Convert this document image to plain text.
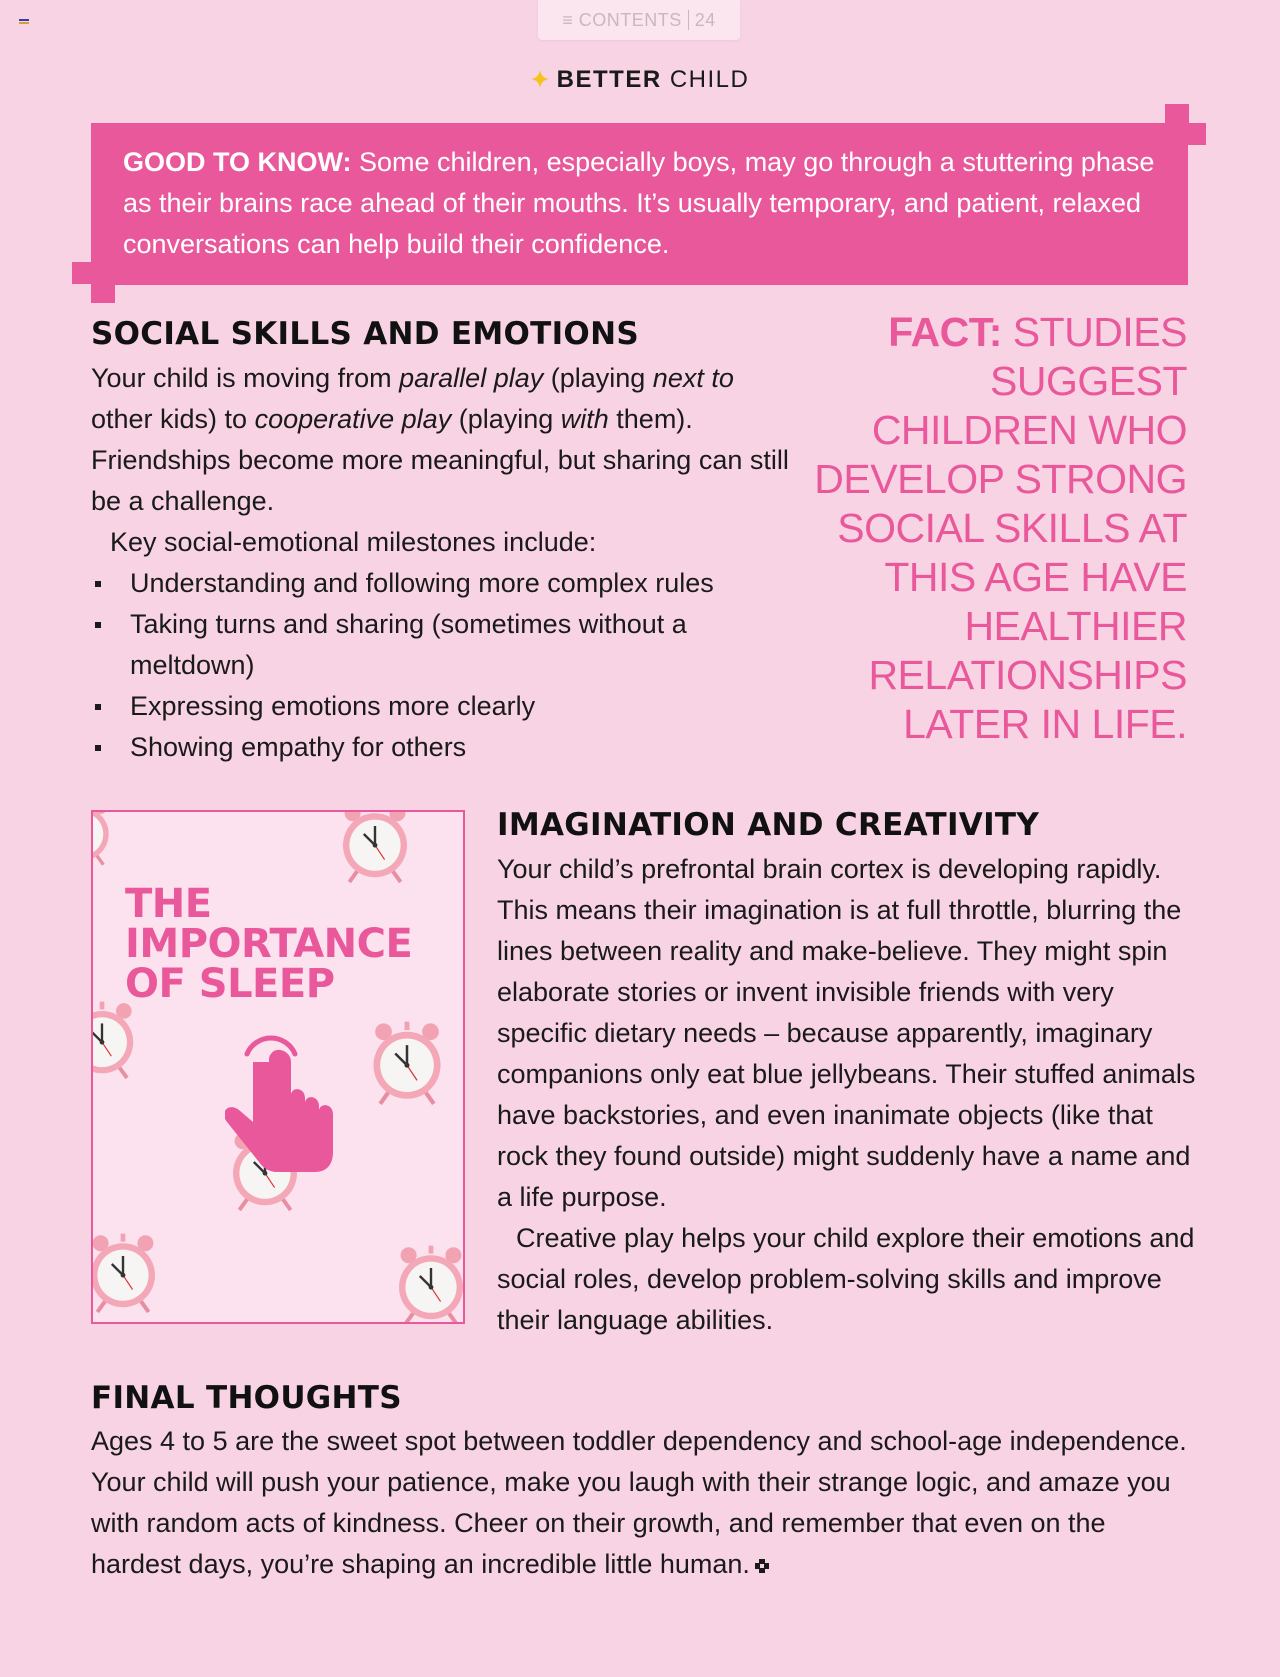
≡ CONTENTS 24
BETTER CHILD
GOOD TO KNOW: Some children, especially boys, may go through a stuttering phase as their brains race ahead of their mouths. It’s usually temporary, and patient, relaxed conversations can help build their confidence.
SOCIAL SKILLS AND EMOTIONS

Your child is moving from parallel play (playing next to other kids) to cooperative play (playing with them). Friendships become more meaningful, but sharing can still be a challenge.

Key social-emotional milestones include:

Understanding and following more complex rules
Taking turns and sharing (sometimes without a meltdown)
Expressing emotions more clearly
Showing empathy for others
FACT: STUDIES SUGGEST CHILDREN WHO DEVELOP STRONG SOCIAL SKILLS AT THIS AGE HAVE HEALTHIER RELATIONSHIPS LATER IN LIFE.
THE
IMPORTANCE
OF SLEEP
IMAGINATION AND CREATIVITY

Your child’s prefrontal brain cortex is developing rapidly. This means their imagination is at full throttle, blurring the lines between reality and make-believe. They might spin elaborate stories or invent invisible friends with very specific dietary needs – because apparently, imaginary companions only eat blue jellybeans. Their stuffed animals have backstories, and even inanimate objects (like that rock they found outside) might suddenly have a name and a life purpose.

Creative play helps your child explore their emotions and social roles, develop problem-solving skills and improve their language abilities.

FINAL THOUGHTS

Ages 4 to 5 are the sweet spot between toddler dependency and school-age independence. Your child will push your patience, make you laugh with their strange logic, and amaze you with random acts of kindness. Cheer on their growth, and remember that even on the hardest days, you’re shaping an incredible little human.
